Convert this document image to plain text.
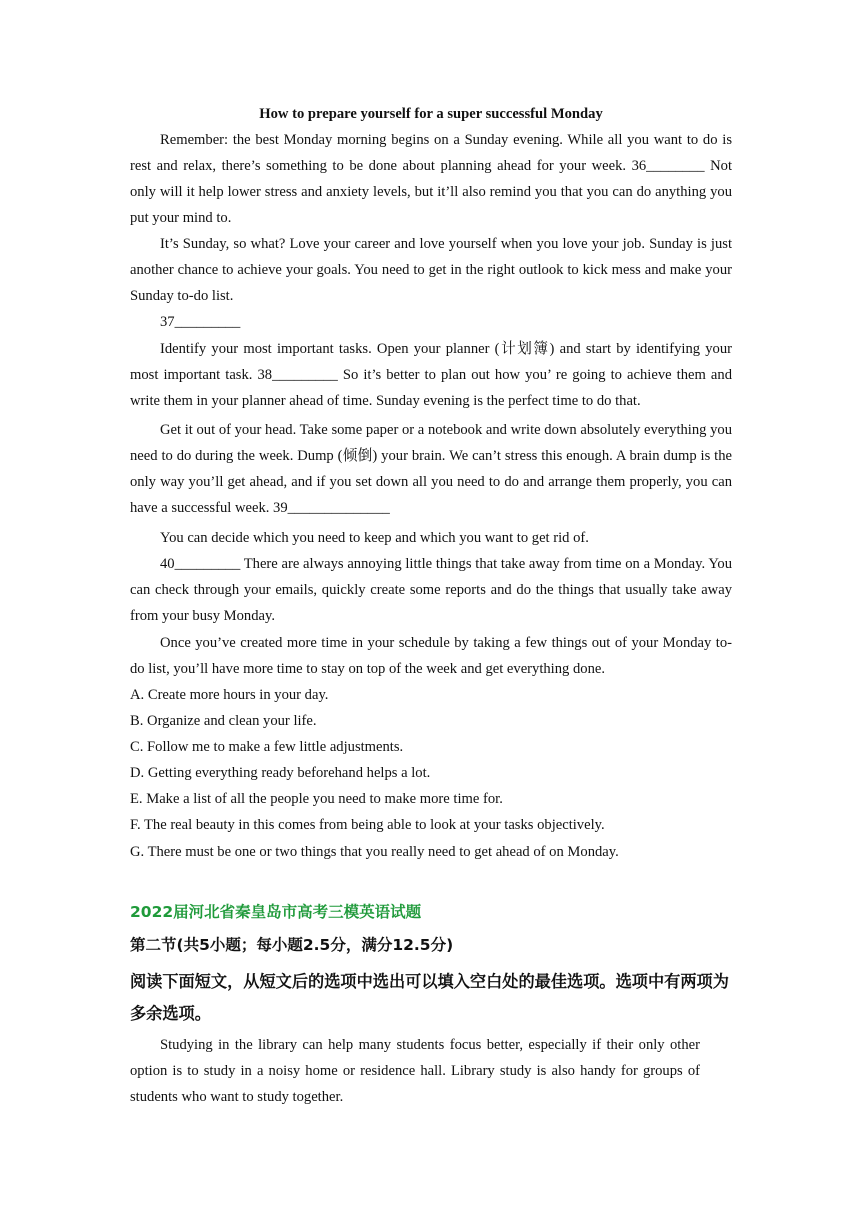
How to prepare yourself for a super successful Monday

Remember: the best Monday morning begins on a Sunday evening. While all you want to do is rest and relax, there’s something to be done about planning ahead for your week. 36________ Not only will it help lower stress and anxiety levels, but it’ll also remind you that you can do anything you put your mind to.

It’s Sunday, so what? Love your career and love yourself when you love your job. Sunday is just another chance to achieve your goals. You need to get in the right outlook to kick mess and make your Sunday to-do list.

37_________

Identify your most important tasks. Open your planner (计划簿) and start by identifying your most important task. 38_________ So it’s better to plan out how you’ re going to achieve them and write them in your planner ahead of time. Sunday evening is the perfect time to do that.

Get it out of your head. Take some paper or a notebook and write down absolutely everything you need to do during the week. Dump (倾倒) your brain. We can’t stress this enough. A brain dump is the only way you’ll get ahead, and if you set down all you need to do and arrange them properly, you can have a successful week. 39______________

You can decide which you need to keep and which you want to get rid of.

40_________ There are always annoying little things that take away from time on a Monday. You can check through your emails, quickly create some reports and do the things that usually take away from your busy Monday.

Once you’ve created more time in your schedule by taking a few things out of your Monday to-do list, you’ll have more time to stay on top of the week and get everything done.

A. Create more hours in your day.

B. Organize and clean your life.

C. Follow me to make a few little adjustments.

D. Getting everything ready beforehand helps a lot.

E. Make a list of all the people you need to make more time for.

F. The real beauty in this comes from being able to look at your tasks objectively.

G. There must be one or two things that you really need to get ahead of on Monday.

2022届河北省秦皇岛市高考三模英语试题

第二节(共5小题；每小题2.5分，满分12.5分)

阅读下面短文，从短文后的选项中选出可以填入空白处的最佳选项。选项中有两项为多余选项。

Studying in the library can help many students focus better, especially if their only other option is to study in a noisy home or residence hall. Library study is also handy for groups of students who want to study together.
